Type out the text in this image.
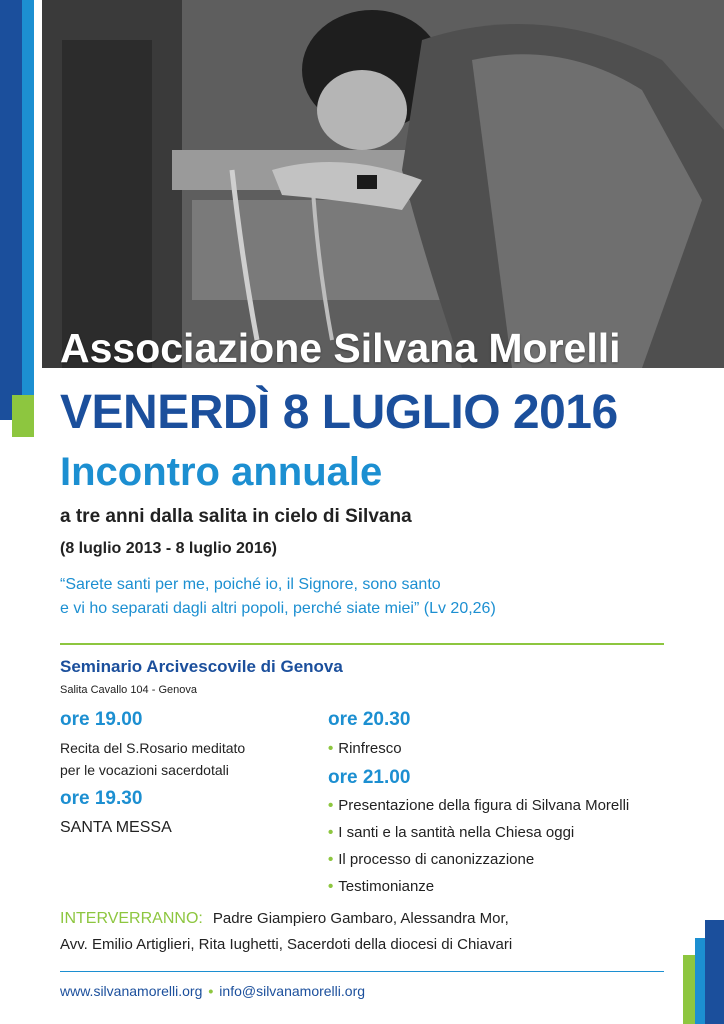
Associazione Silvana Morelli
VENERDÌ 8 LUGLIO 2016
Incontro annuale

a tre anni dalla salita in cielo di Silvana

(8 luglio 2013 - 8 luglio 2016)

“Sarete santi per me, poiché io, il Signore, sono santo
e vi ho separati dagli altri popoli, perché siate miei” (Lv 20,26)

Seminario Arcivescovile di Genova

Salita Cavallo 104 - Genova

ore 19.00

Recita del S.Rosario meditato
per le vocazioni sacerdotali

ore 19.30

SANTA MESSA

ore 20.30

• Rinfresco

ore 21.00

• Presentazione della figura di Silvana Morelli
• I santi e la santità nella Chiesa oggi
• Il processo di canonizzazione
• Testimonianze

INTERVERRANNO: Padre Giampiero Gambaro, Alessandra Mor,
Avv. Emilio Artiglieri, Rita Iughetti, Sacerdoti della diocesi di Chiavari

www.silvanamorelli.org • info@silvanamorelli.org
